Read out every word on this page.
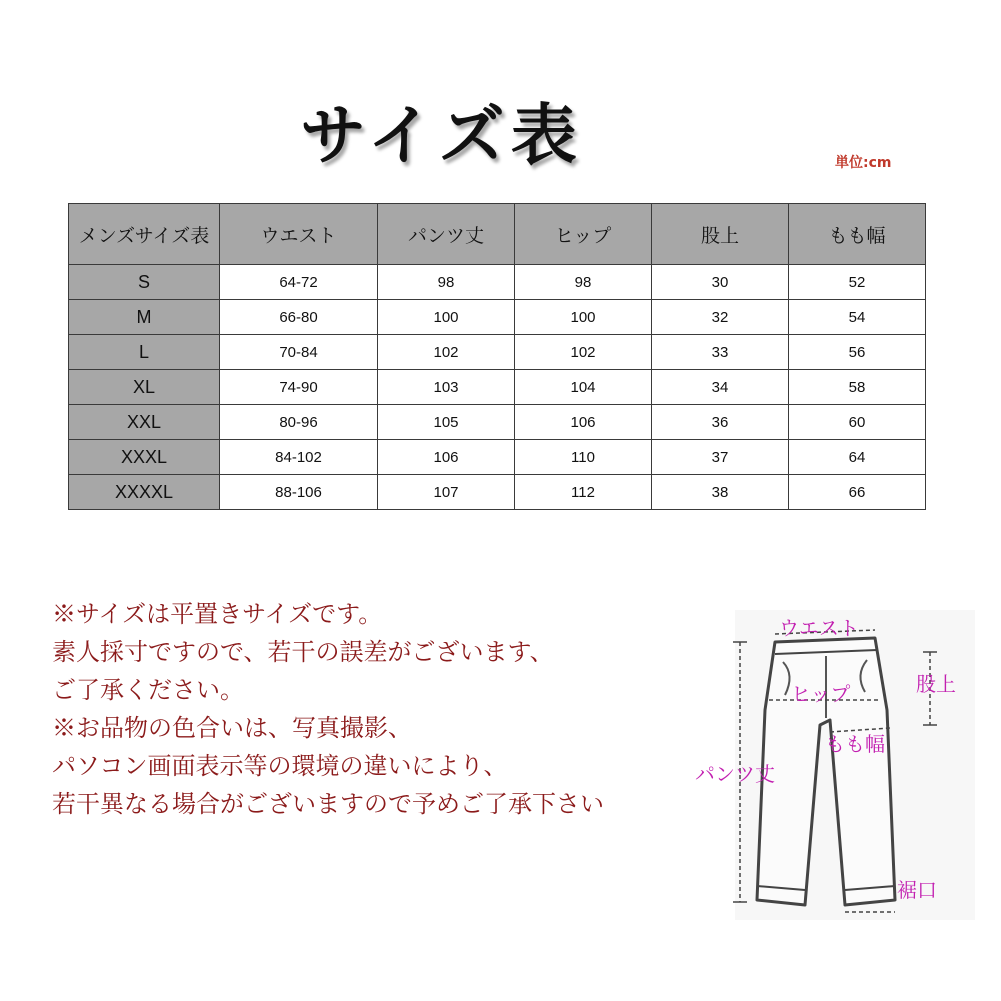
サイズ表	単位:cm
メンズサイズ表	ウエスト	パンツ丈	ヒップ	股上	もも幅
S	64-72	98	98	30	52
M	66-80	100	100	32	54
L	70-84	102	102	33	56
XL	74-90	103	104	34	58
XXL	80-96	105	106	36	60
XXXL	84-102	106	110	37	64
XXXXL	88-106	107	112	38	66
※サイズは平置きサイズです。
素人採寸ですので、若干の誤差がございます、
ご了承ください。
※お品物の色合いは、写真撮影、
パソコン画面表示等の環境の違いにより、
若干異なる場合がございますので予めご了承下さい
ウエスト
股上
ヒップ
もも幅
パンツ丈
裾口
